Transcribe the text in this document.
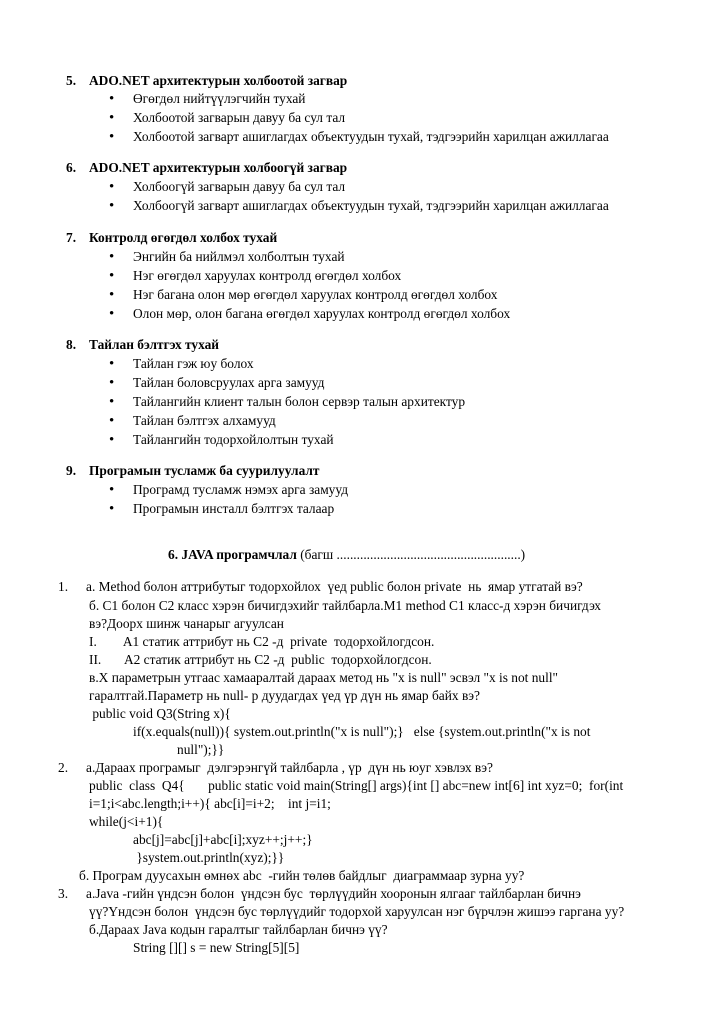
5. ADO.NET архитектурын холбоотой загвар
• Өгөгдөл нийтүүлэгчийн тухай
• Холбоотой загварын давуу ба сул тал
• Холбоотой загварт ашиглагдах объектуудын тухай, тэдгээрийн харилцан ажиллагаа
6. ADO.NET архитектурын холбоогүй загвар
• Холбоогүй загварын давуу ба сул тал
• Холбоогүй загварт ашиглагдах объектуудын тухай, тэдгээрийн харилцан ажиллагаа
7. Контролд өгөгдөл холбох тухай
• Энгийн ба нийлмэл холболтын тухай
• Нэг өгөгдөл харуулах контролд өгөгдөл холбох
• Нэг багана олон мөр өгөгдөл харуулах контролд өгөгдөл холбох
• Олон мөр, олон багана өгөгдөл харуулах контролд өгөгдөл холбох
8. Тайлан бэлтгэх тухай
• Тайлан гэж юу болох
• Тайлан боловсруулах арга замууд
• Тайлангийн клиент талын болон сервэр талын архитектур
• Тайлан бэлтгэх алхамууд
• Тайлангийн тодорхойлолтын тухай
9. Програмын тусламж ба суурилуулалт
• Програмд тусламж нэмэх арга замууд
• Програмын инсталл бэлтгэх талаар
6. JAVA програмчлал (багш .......................................................)
1. a. Method болон аттрибутыг тодорхойлох  үед public болон private  нь  ямар утгатай вэ?
б. C1 болон C2 класс хэрэн бичигдэхийг тайлбарла.M1 method C1 класс-д хэрэн бичигдэх
вэ?Доорх шинж чанарыг агуулсан
I.        A1 статик аттрибут нь C2 -д  private  тодорхойлогдсон.
II.       A2 статик аттрибут нь C2 -д  public  тодорхойлогдсон.
в.X параметрын утгаас хамааралтай дараах метод нь "x is null" эсвэл "x is not null"
гаралтгай.Параметр нь null- р дуудагдах үед үр дүн нь ямар байх вэ?
public void Q3(String x){
if(x.equals(null)){ system.out.println("x is null");}   else {system.out.println("x is not
null");}}
2. а.Дараах програмыг  дэлгэрэнгүй тайлбарла , үр  дүн нь юуг хэвлэх вэ?
public  class  Q4{       public static void main(String[] args){int [] abc=new int[6] int xyz=0;  for(int
i=1;i<abc.length;i++){ abc[i]=i+2;    int j=i1;
while(j<i+1){
abc[j]=abc[j]+abc[i];xyz++;j++;}
}system.out.println(xyz);}}
б. Програм дуусахын өмнөх abc  -гийн төлөв байдлыг  диаграммаар зурна уу?
3. a.Java -гийн үндсэн болон  үндсэн бус  төрлүүдийн хооронын ялгааг тайлбарлан бичнэ
үү?Үндсэн болон  үндсэн бус төрлүүдийг тодорхой харуулсан нэг бүрчлэн жишээ гаргана уу?
б.Дараах Java кодын гаралтыг тайлбарлан бичнэ үү?
String [][] s = new String[5][5]
